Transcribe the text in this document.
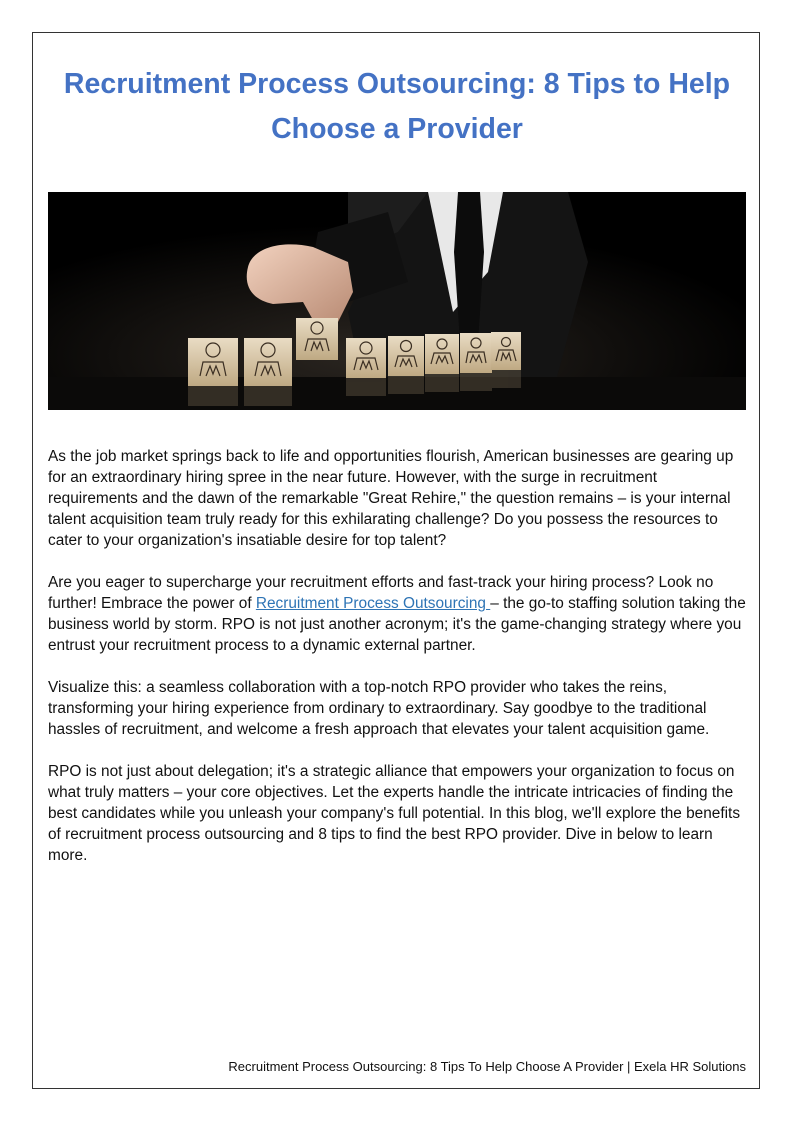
Recruitment Process Outsourcing: 8 Tips to Help Choose a Provider

As the job market springs back to life and opportunities flourish, American businesses are gearing up for an extraordinary hiring spree in the near future. However, with the surge in recruitment requirements and the dawn of the remarkable "Great Rehire," the question remains – is your internal talent acquisition team truly ready for this exhilarating challenge? Do you possess the resources to cater to your organization's insatiable desire for top talent?

Are you eager to supercharge your recruitment efforts and fast-track your hiring process? Look no further! Embrace the power of Recruitment Process Outsourcing – the go-to staffing solution taking the business world by storm. RPO is not just another acronym; it's the game-changing strategy where you entrust your recruitment process to a dynamic external partner.

Visualize this: a seamless collaboration with a top-notch RPO provider who takes the reins, transforming your hiring experience from ordinary to extraordinary. Say goodbye to the traditional hassles of recruitment, and welcome a fresh approach that elevates your talent acquisition game.

RPO is not just about delegation; it's a strategic alliance that empowers your organization to focus on what truly matters – your core objectives. Let the experts handle the intricate intricacies of finding the best candidates while you unleash your company's full potential. In this blog, we'll explore the benefits of recruitment process outsourcing and 8 tips to find the best RPO provider. Dive in below to learn more.

Recruitment Process Outsourcing: 8 Tips To Help Choose A Provider | Exela HR Solutions
